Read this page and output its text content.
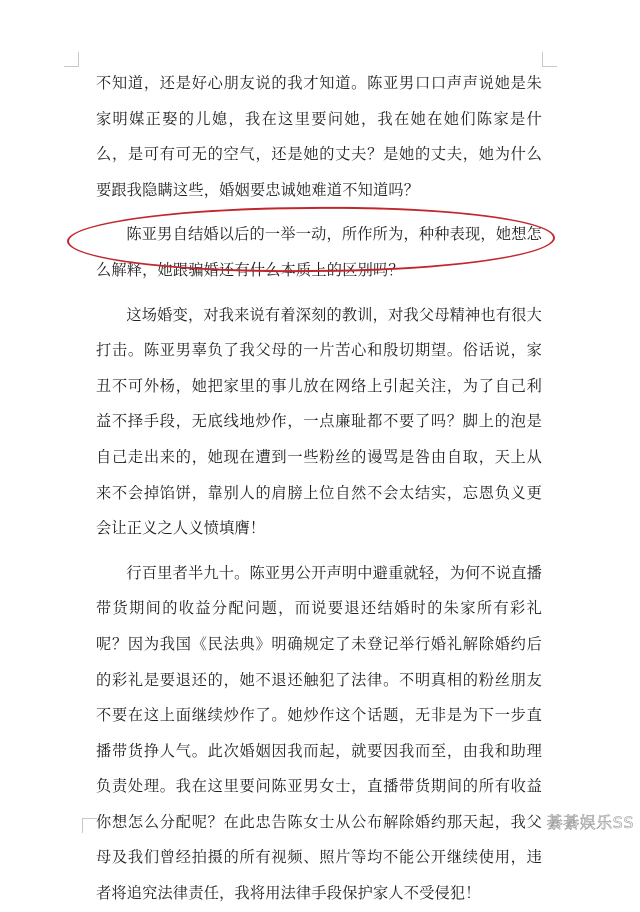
不知道，还是好心朋友说的我才知道。陈亚男口口声声说她是朱家明媒正娶的儿媳，我在这里要问她，我在她在她们陈家是什么，是可有可无的空气，还是她的丈夫？是她的丈夫，她为什么要跟我隐瞒这些，婚姻要忠诚她难道不知道吗？

陈亚男自结婚以后的一举一动，所作所为，种种表现，她想怎么解释，她跟骗婚还有什么本质上的区别吗？

这场婚变，对我来说有着深刻的教训，对我父母精神也有很大打击。陈亚男辜负了我父母的一片苦心和殷切期望。俗话说，家丑不可外杨，她把家里的事儿放在网络上引起关注，为了自己利益不择手段，无底线地炒作，一点廉耻都不要了吗？脚上的泡是自己走出来的，她现在遭到一些粉丝的谩骂是咎由自取，天上从来不会掉馅饼，靠别人的肩膀上位自然不会太结实，忘恩负义更会让正义之人义愤填膺！

行百里者半九十。陈亚男公开声明中避重就轻，为何不说直播带货期间的收益分配问题，而说要退还结婚时的朱家所有彩礼呢？因为我国《民法典》明确规定了未登记举行婚礼解除婚约后的彩礼是要退还的，她不退还触犯了法律。不明真相的粉丝朋友不要在这上面继续炒作了。她炒作这个话题，无非是为下一步直播带货挣人气。此次婚姻因我而起，就要因我而至，由我和助理负责处理。我在这里要问陈亚男女士，直播带货期间的所有收益你想怎么分配呢？在此忠告陈女士从公布解除婚约那天起，我父母及我们曾经拍摄的所有视频、照片等均不能公开继续使用，违者将追究法律责任，我将用法律手段保护家人不受侵犯！

綦綦娱乐SS
